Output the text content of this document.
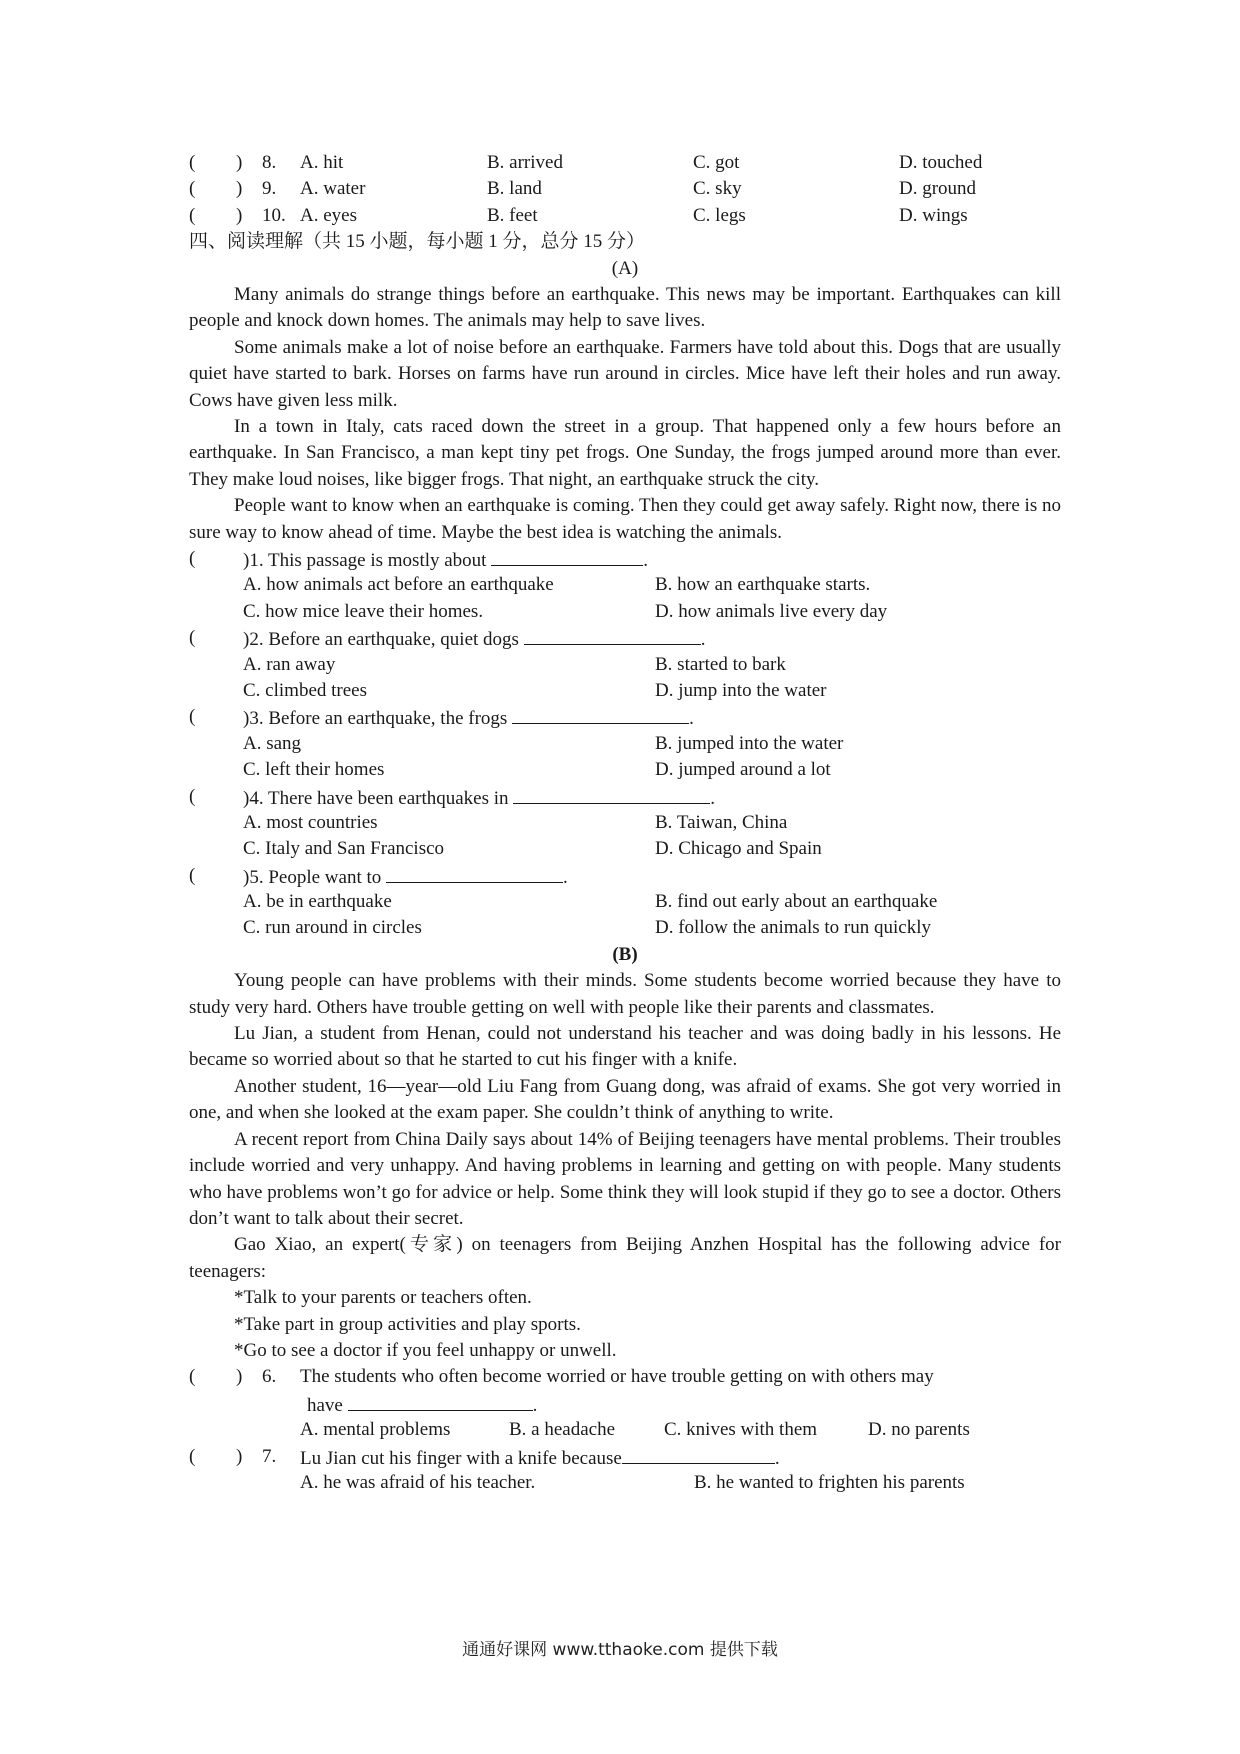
( ) 8. A. hit	B. arrived	C. got	D. touched
( ) 9. A. water	B. land	C. sky	D. ground
( ) 10. A. eyes	B. feet	C. legs	D. wings
四、阅读理解（共 15 小题，每小题 1 分，总分 15 分）
(A)

Many animals do strange things before an earthquake. This news may be important. Earthquakes can kill people and knock down homes. The animals may help to save lives.

Some animals make a lot of noise before an earthquake. Farmers have told about this. Dogs that are usually quiet have started to bark. Horses on farms have run around in circles. Mice have left their holes and run away. Cows have given less milk.

In a town in Italy, cats raced down the street in a group. That happened only a few hours before an earthquake. In San Francisco, a man kept tiny pet frogs. One Sunday, the frogs jumped around more than ever. They make loud noises, like bigger frogs. That night, an earthquake struck the city.

People want to know when an earthquake is coming. Then they could get away safely. Right now, there is no sure way to know ahead of time. Maybe the best idea is watching the animals.

(	)1. This passage is mostly about	.
A. how animals act before an earthquake	B. how an earthquake starts.
C. how mice leave their homes.	D. how animals live every day
(	)2. Before an earthquake, quiet dogs	.
A. ran away	B. started to bark
C. climbed trees	D. jump into the water
(	)3. Before an earthquake, the frogs	.
A. sang	B. jumped into the water
C. left their homes	D. jumped around a lot
(	)4. There have been earthquakes in	.
A. most countries	B. Taiwan, China
C. Italy and San Francisco	D. Chicago and Spain
(	)5. People want to	.
A. be in earthquake	B. find out early about an earthquake
C. run around in circles	D. follow the animals to run quickly
(B)

Young people can have problems with their minds. Some students become worried because they have to study very hard. Others have trouble getting on well with people like their parents and classmates.

Lu Jian, a student from Henan, could not understand his teacher and was doing badly in his lessons. He became so worried about so that he started to cut his finger with a knife.

Another student, 16—year—old Liu Fang from Guang dong, was afraid of exams. She got very worried in one, and when she looked at the exam paper. She couldn’t think of anything to write.

A recent report from China Daily says about 14% of Beijing teenagers have mental problems. Their troubles include worried and very unhappy. And having problems in learning and getting on with people. Many students who have problems won’t go for advice or help. Some think they will look stupid if they go to see a doctor. Others don’t want to talk about their secret.

Gao Xiao, an expert(专家) on teenagers from Beijing Anzhen Hospital has the following advice for teenagers:

*Talk to your parents or teachers often.
*Take part in group activities and play sports.
*Go to see a doctor if you feel unhappy or unwell.
( ) 6. The students who often become worried or have trouble getting on with others may
have	.
A. mental problems	B. a headache	C. knives with them	D. no parents
( ) 7. Lu Jian cut his finger with a knife because	.
A. he was afraid of his teacher.	B. he wanted to frighten his parents
通通好课网 www.tthaoke.com 提供下载
